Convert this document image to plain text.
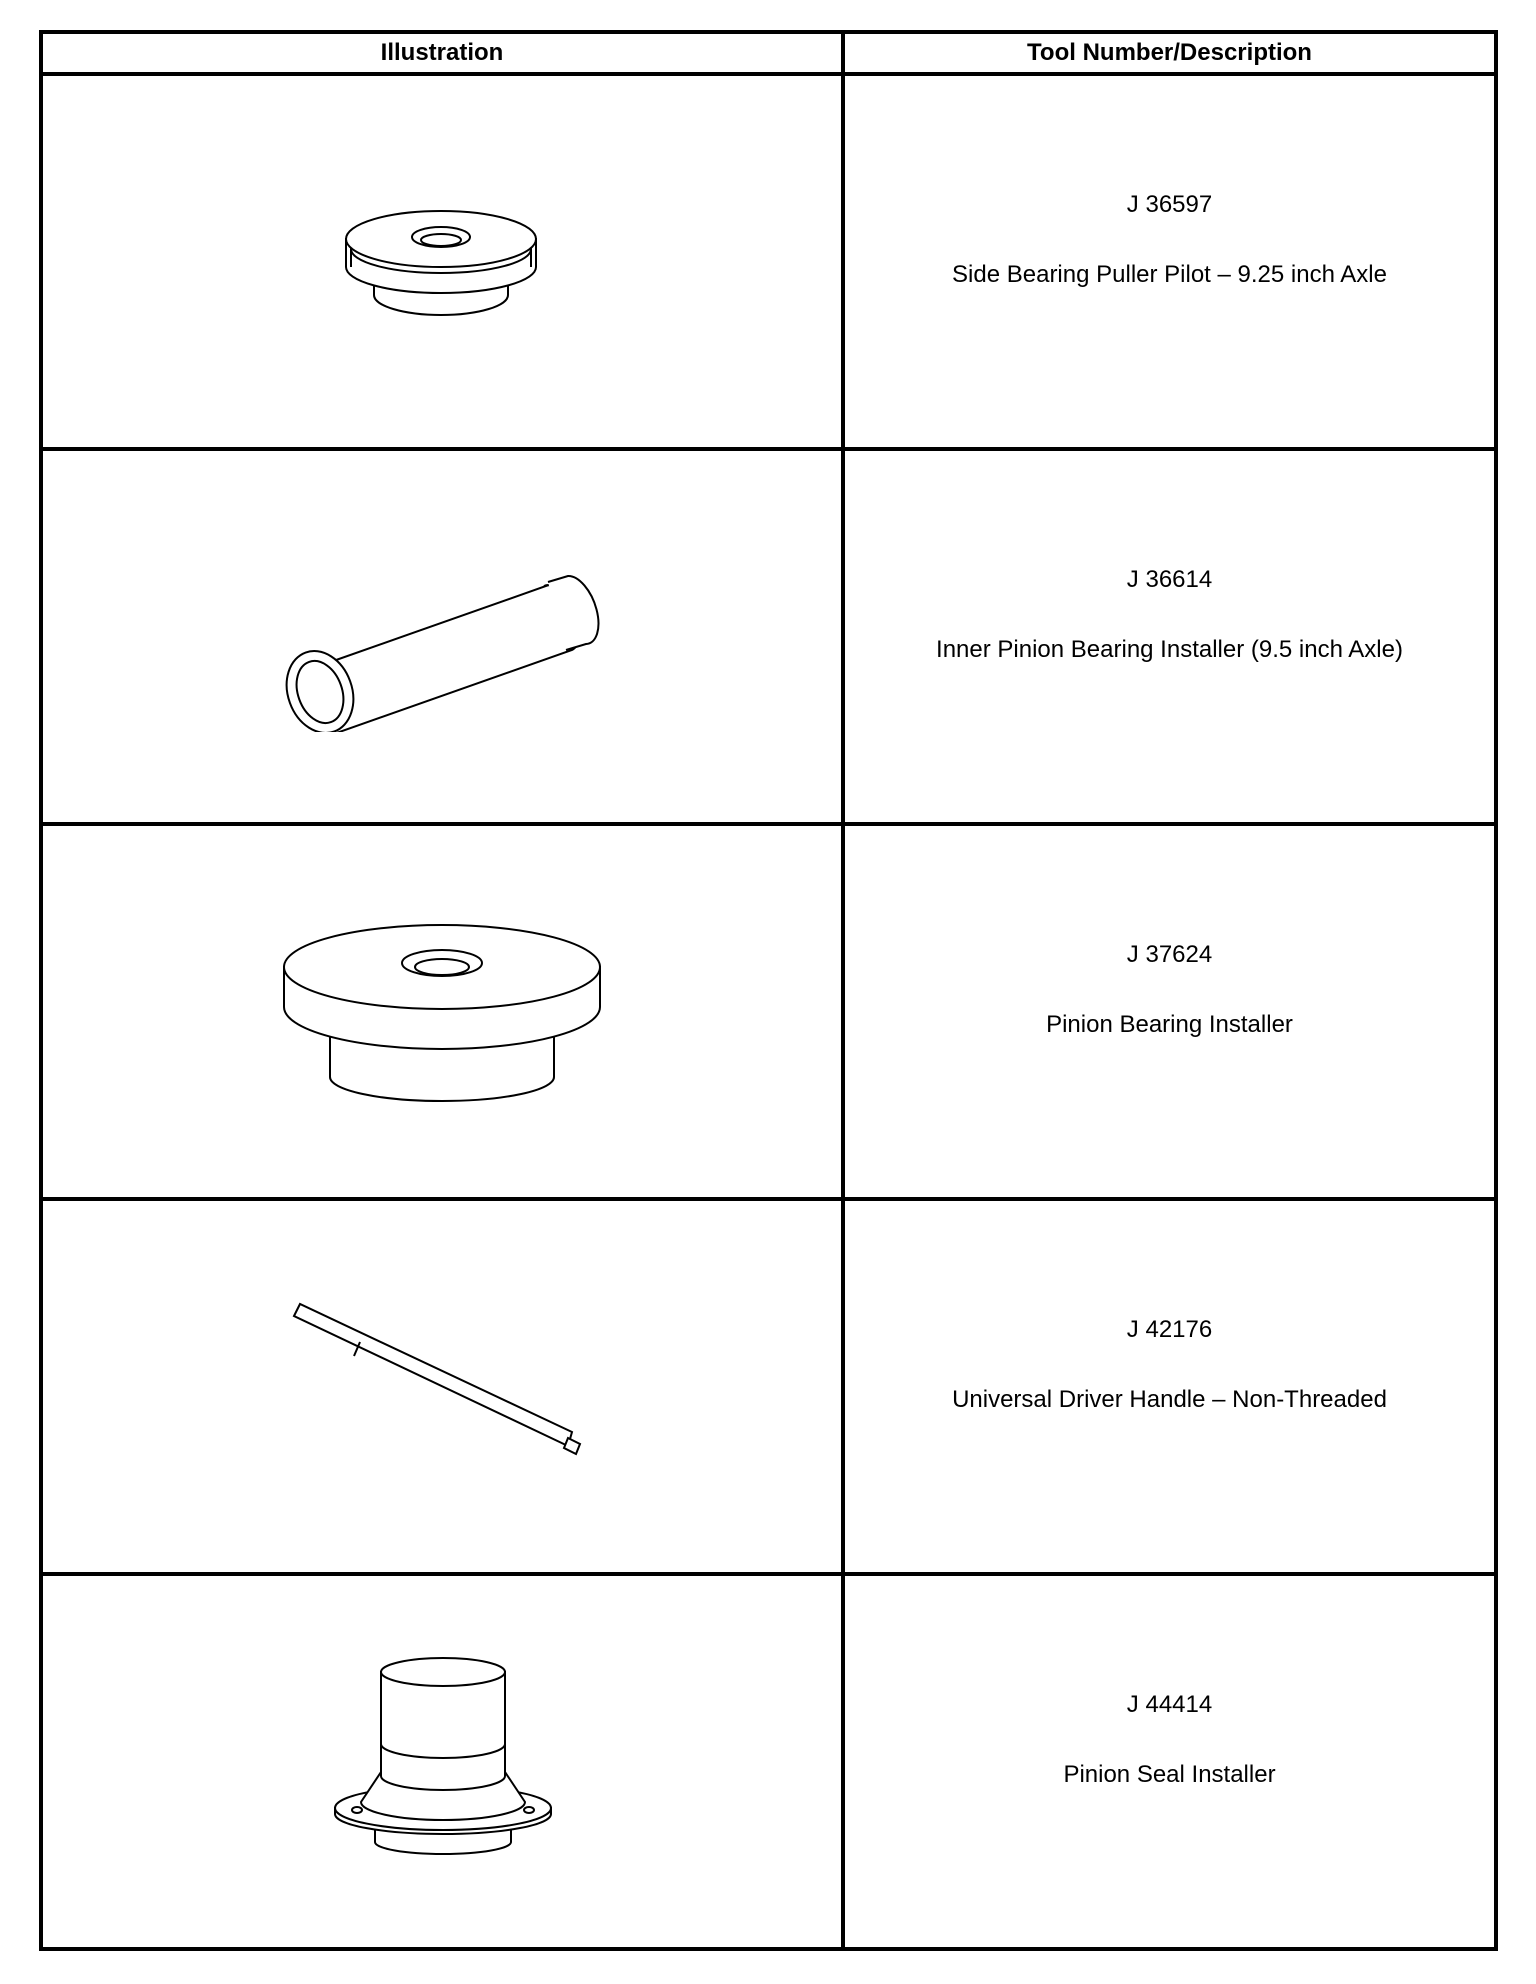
Illustration	Tool Number/Description

J 36597
Side Bearing Puller Pilot – 9.25 inch Axle

J 36614
Inner Pinion Bearing Installer (9.5 inch Axle)

J 37624
Pinion Bearing Installer

J 42176
Universal Driver Handle – Non-Threaded

J 44414
Pinion Seal Installer
